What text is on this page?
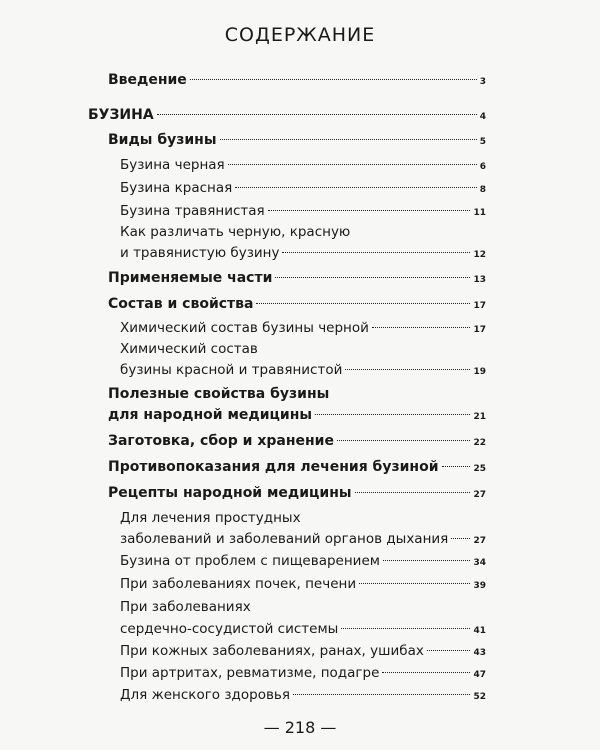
СОДЕРЖАНИЕ
Введение	3
БУЗИНА	4
Виды бузины	5
Бузина черная	6
Бузина красная	8
Бузина травянистая	11
Как различать черную, красную
и травянистую бузину	12
Применяемые части	13
Состав и свойства	17
Химический состав бузины черной	17
Химический состав
бузины красной и травянистой	19
Полезные свойства бузины
для народной медицины	21
Заготовка, сбор и хранение	22
Противопоказания для лечения бузиной	25
Рецепты народной медицины	27
Для лечения простудных
заболеваний и заболеваний органов дыхания	27
Бузина от проблем с пищеварением	34
При заболеваниях почек, печени	39
При заболеваниях
сердечно-сосудистой системы	41
При кожных заболеваниях, ранах, ушибах	43
При артритах, ревматизме, подагре	47
Для женского здоровья	52
— 218 —
